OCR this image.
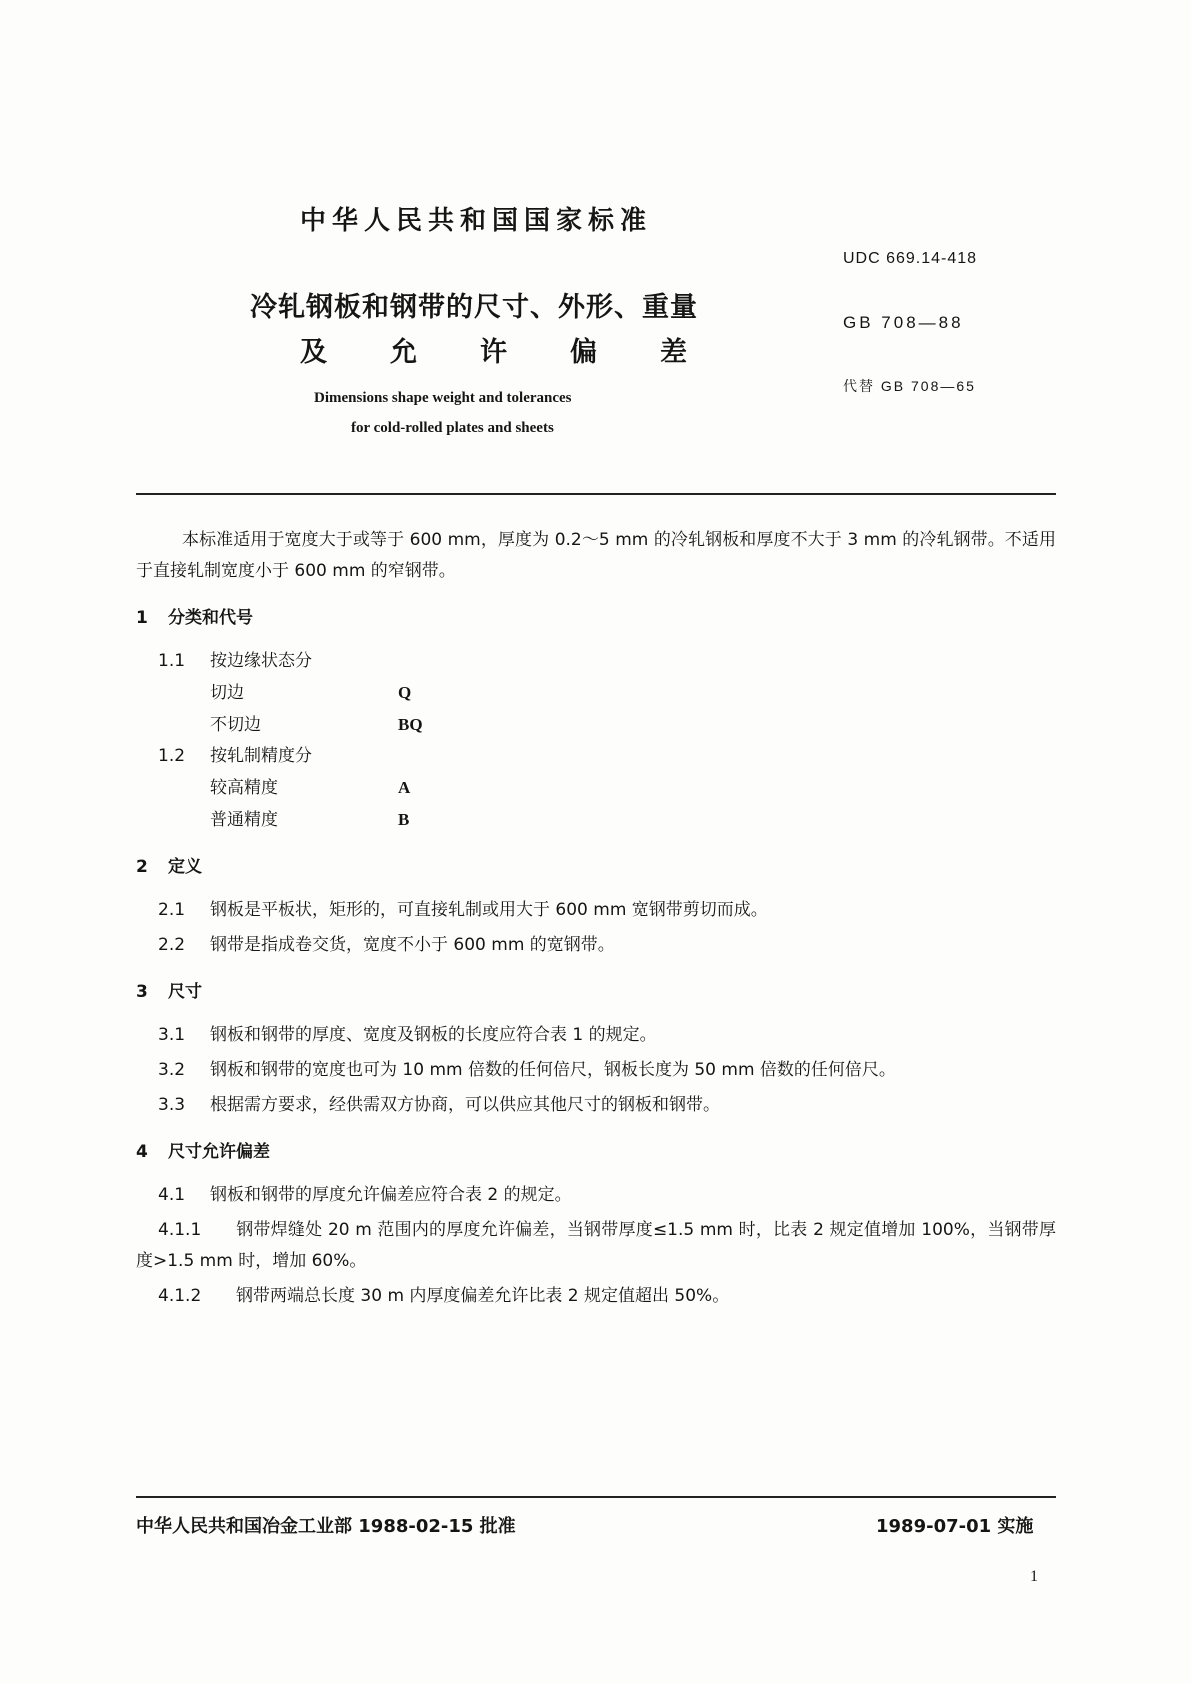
中华人民共和国国家标准
冷轧钢板和钢带的尺寸、外形、重量
及 允 许 偏 差
Dimensions shape weight and tolerances
for cold-rolled plates and sheets
UDC 669.14-418
GB 708—88
代替 GB 708—65

本标准适用于宽度大于或等于 600 mm，厚度为 0.2～5 mm 的冷轧钢板和厚度不大于 3 mm 的冷轧钢带。不适用于直接轧制宽度小于 600 mm 的窄钢带。

1 分类和代号
1.1 按边缘状态分
切边	Q
不切边	BQ
1.2 按轧制精度分
较高精度	A
普通精度	B
2 定义
2.1 钢板是平板状，矩形的，可直接轧制或用大于 600 mm 宽钢带剪切而成。
2.2 钢带是指成卷交货，宽度不小于 600 mm 的宽钢带。
3 尺寸
3.1 钢板和钢带的厚度、宽度及钢板的长度应符合表 1 的规定。
3.2 钢板和钢带的宽度也可为 10 mm 倍数的任何倍尺，钢板长度为 50 mm 倍数的任何倍尺。
3.3 根据需方要求，经供需双方协商，可以供应其他尺寸的钢板和钢带。
4 尺寸允许偏差
4.1 钢板和钢带的厚度允许偏差应符合表 2 的规定。
4.1.1 钢带焊缝处 20 m 范围内的厚度允许偏差，当钢带厚度≤1.5 mm 时，比表 2 规定值增加 100%，当钢带厚度>1.5 mm 时，增加 60%。
4.1.2 钢带两端总长度 30 m 内厚度偏差允许比表 2 规定值超出 50%。
中华人民共和国冶金工业部 1988-02-15 批准	1989-07-01 实施
1
